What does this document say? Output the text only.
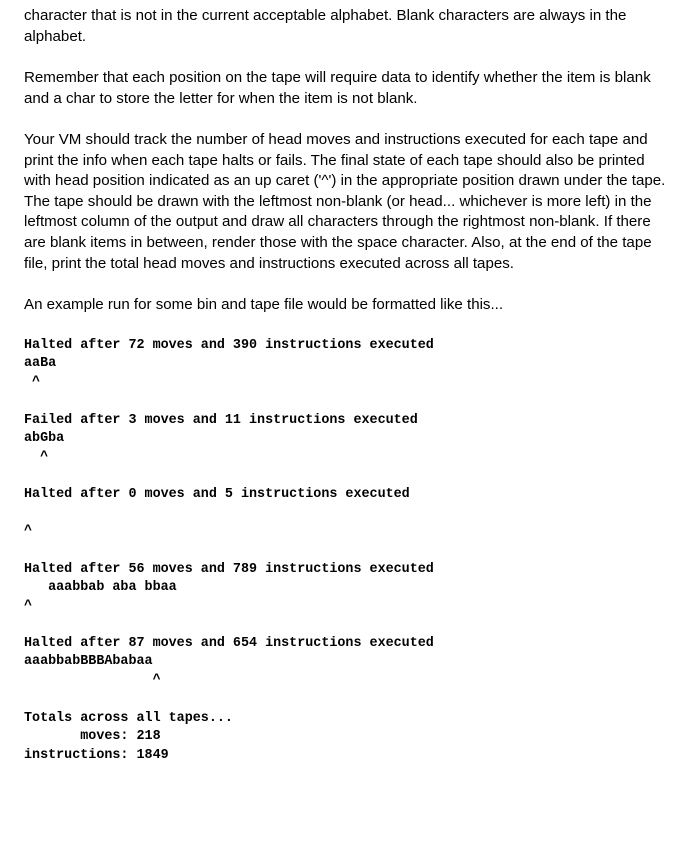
character that is not in the current acceptable alphabet. Blank characters are always in the alphabet.

Remember that each position on the tape will require data to identify whether the item is blank and a char to store the letter for when the item is not blank.

Your VM should track the number of head moves and instructions executed for each tape and print the info when each tape halts or fails. The final state of each tape should also be printed with head position indicated as an up caret ('^') in the appropriate position drawn under the tape. The tape should be drawn with the leftmost non-blank (or head... whichever is more left) in the leftmost column of the output and draw all characters through the rightmost non-blank. If there are blank items in between, render those with the space character. Also, at the end of the tape file, print the total head moves and instructions executed across all tapes.

An example run for some bin and tape file would be formatted like this...

Halted after 72 moves and 390 instructions executed
aaBa
^
Failed after 3 moves and 11 instructions executed
abGba
^
Halted after 0 moves and 5 instructions executed
^
Halted after 56 moves and 789 instructions executed
aaabbab aba bbaa
^
Halted after 87 moves and 654 instructions executed
aaabbabBBBAbabaa
^
Totals across all tapes...
moves: 218
instructions: 1849
